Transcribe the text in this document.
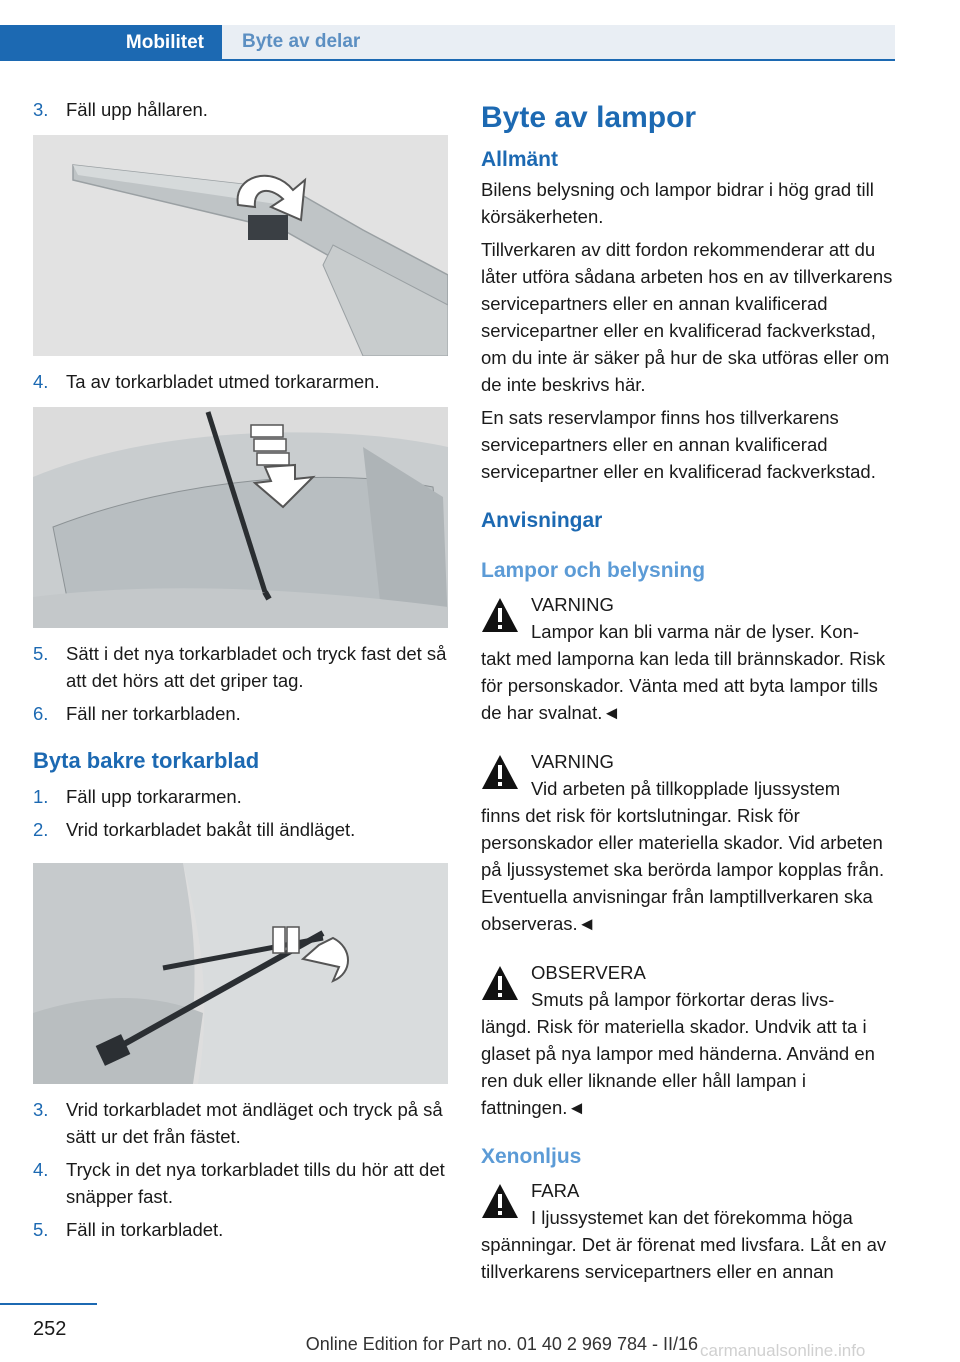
Mobilitet	Byte av delar
3. Fäll upp hållaren.
4. Ta av torkarbladet utmed torkararmen.
5. Sätt i det nya torkarbladet och tryck fast det så att det hörs att det griper tag.
6. Fäll ner torkarbladen.
Byta bakre torkarblad
1. Fäll upp torkararmen.
2. Vrid torkarbladet bakåt till ändläget.
3. Vrid torkarbladet mot ändläget och tryck på så sätt ur det från fästet.
4. Tryck in det nya torkarbladet tills du hör att det snäpper fast.
5. Fäll in torkarbladet.
Byte av lampor
Allmänt

Bilens belysning och lampor bidrar i hög grad till körsäkerheten.

Tillverkaren av ditt fordon rekommenderar att du låter utföra sådana arbeten hos en av tillverkarens servicepartners eller en annan kvalificerad servicepartner eller en kvalificerad fackverkstad, om du inte är säker på hur de ska utföras eller om de inte beskrivs här.

En sats reservlampor finns hos tillverkarens servicepartners eller en annan kvalificerad servicepartner eller en kvalificerad fackverkstad.

Anvisningar
Lampor och belysning
VARNING
Lampor kan bli varma när de lyser. Kon-
takt med lamporna kan leda till brännskador. Risk för personskador. Vänta med att byta lampor tills de har svalnat.◄
VARNING
Vid arbeten på tillkopplade ljussystem
finns det risk för kortslutningar. Risk för personskador eller materiella skador. Vid arbeten på ljussystemet ska berörda lampor kopplas från. Eventuella anvisningar från lamptillverkaren ska observeras.◄
OBSERVERA
Smuts på lampor förkortar deras livs-
längd. Risk för materiella skador. Undvik att ta i glaset på nya lampor med händerna. Använd en ren duk eller liknande eller håll lampan i fattningen.◄
Xenonljus
FARA
I ljussystemet kan det förekomma höga
spänningar. Det är förenat med livsfara. Låt en av tillverkarens servicepartners eller en annan
252
Online Edition for Part no. 01 40 2 969 784 - II/16 carmanualsonline.info
